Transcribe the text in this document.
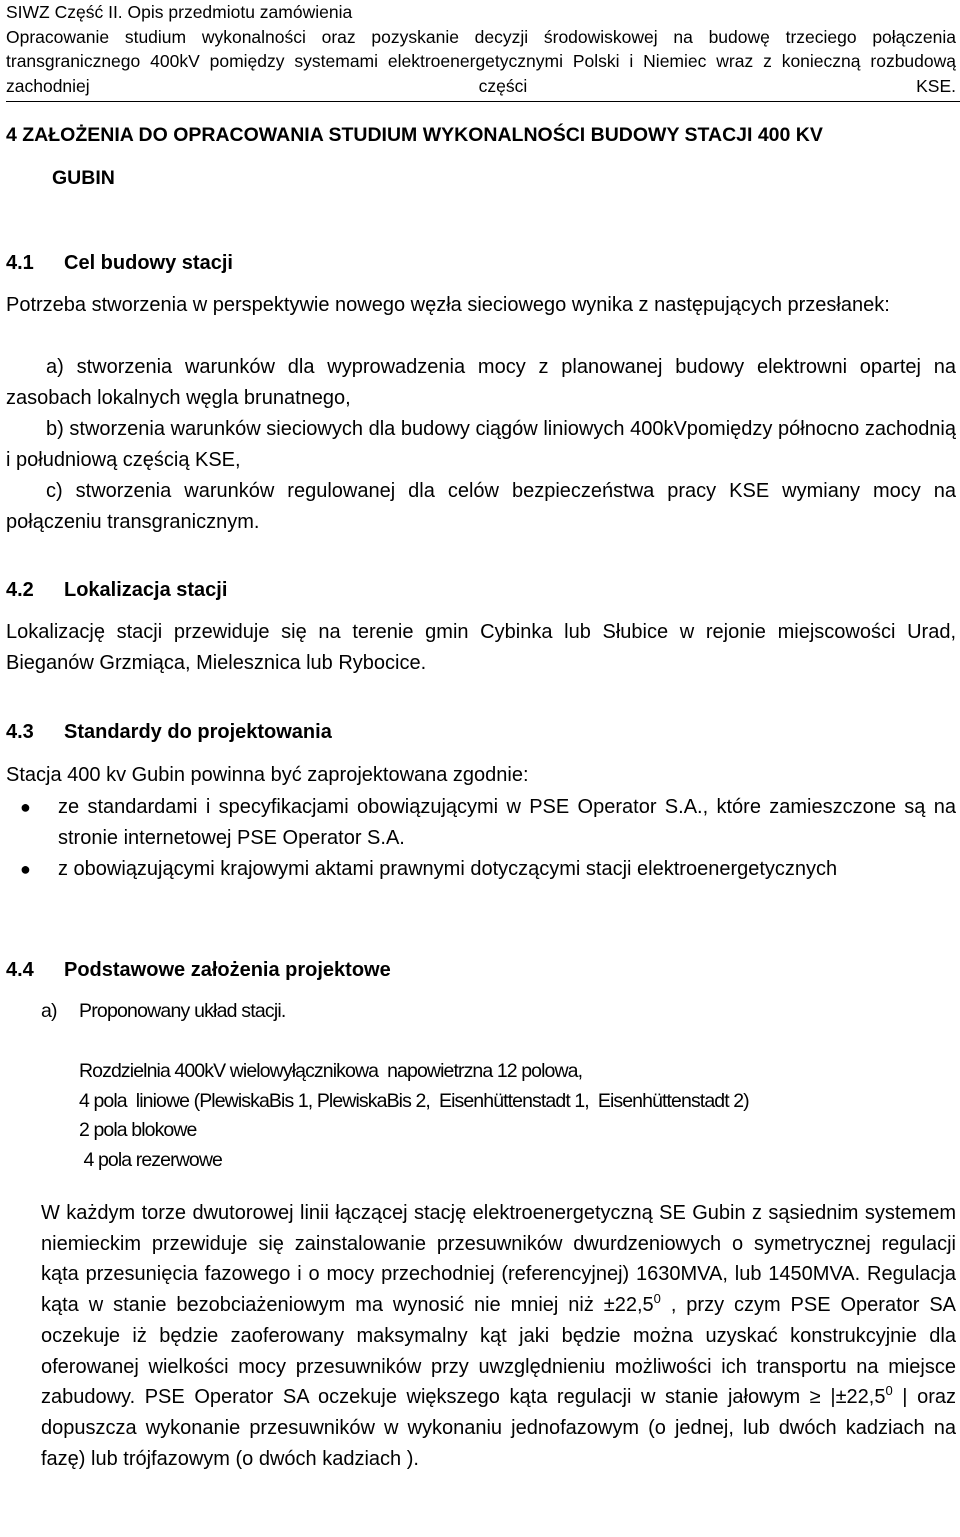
SIWZ Część II. Opis przedmiotu zamówienia
Opracowanie studium wykonalności oraz pozyskanie decyzji środowiskowej na budowę trzeciego połączenia transgranicznego 400kV pomiędzy systemami elektroenergetycznymi Polski i Niemiec wraz z konieczną rozbudową zachodniej części KSE.
4 ZAŁOŻENIA DO OPRACOWANIA STUDIUM WYKONALNOŚCI BUDOWY STACJI 400 KV
GUBIN
4.1 Cel budowy stacji
Potrzeba stworzenia w perspektywie nowego węzła sieciowego wynika z następujących przesłanek:
a) stworzenia warunków dla wyprowadzenia mocy z planowanej budowy elektrowni opartej na zasobach lokalnych węgla brunatnego,
b) stworzenia warunków sieciowych dla budowy ciągów liniowych 400kVpomiędzy północno zachodnią i południową częścią KSE,
c) stworzenia warunków regulowanej dla celów bezpieczeństwa pracy KSE wymiany mocy na połączeniu transgranicznym.
4.2 Lokalizacja stacji
Lokalizację stacji przewiduje się na terenie gmin Cybinka lub Słubice w rejonie miejscowości Urad, Bieganów Grzmiąca, Mielesznica lub Rybocice.
4.3 Standardy do projektowania
Stacja 400 kv Gubin powinna być zaprojektowana zgodnie:
● ze standardami i specyfikacjami obowiązującymi w PSE Operator S.A., które zamieszczone są na stronie internetowej PSE Operator S.A.
● z obowiązującymi krajowymi aktami prawnymi dotyczącymi stacji elektroenergetycznych
4.4 Podstawowe założenia projektowe
a) Proponowany układ stacji.
Rozdzielnia 400kV wielowyłącznikowa  napowietrzna 12 polowa,
4 pola  liniowe (PlewiskaBis 1, PlewiskaBis 2,  Eisenhüttenstadt 1,  Eisenhüttenstadt 2)
2 pola blokowe
4 pola rezerwowe
W każdym torze dwutorowej linii łączącej stację elektroenergetyczną SE Gubin z sąsiednim systemem niemieckim przewiduje się zainstalowanie przesuwników dwurdzeniowych o symetrycznej regulacji kąta przesunięcia fazowego i o mocy przechodniej (referencyjnej) 1630MVA, lub 1450MVA. Regulacja kąta w stanie bezobciażeniowym ma wynosić nie mniej niż $\pm 22,5^0$ , przy czym PSE Operator SA oczekuje iż będzie zaoferowany maksymalny kąt jaki będzie można uzyskać konstrukcyjnie dla oferowanej wielkości mocy przesuwników przy uwzględnieniu możliwości ich transportu na miejsce zabudowy. PSE Operator SA oczekuje większego kąta regulacji w stanie jałowym ≥ $|\pm 22,5^0$ | oraz dopuszcza wykonanie przesuwników w wykonaniu jednofazowym (o jednej, lub dwóch kadziach na fazę) lub trójfazowym (o dwóch kadziach ).
